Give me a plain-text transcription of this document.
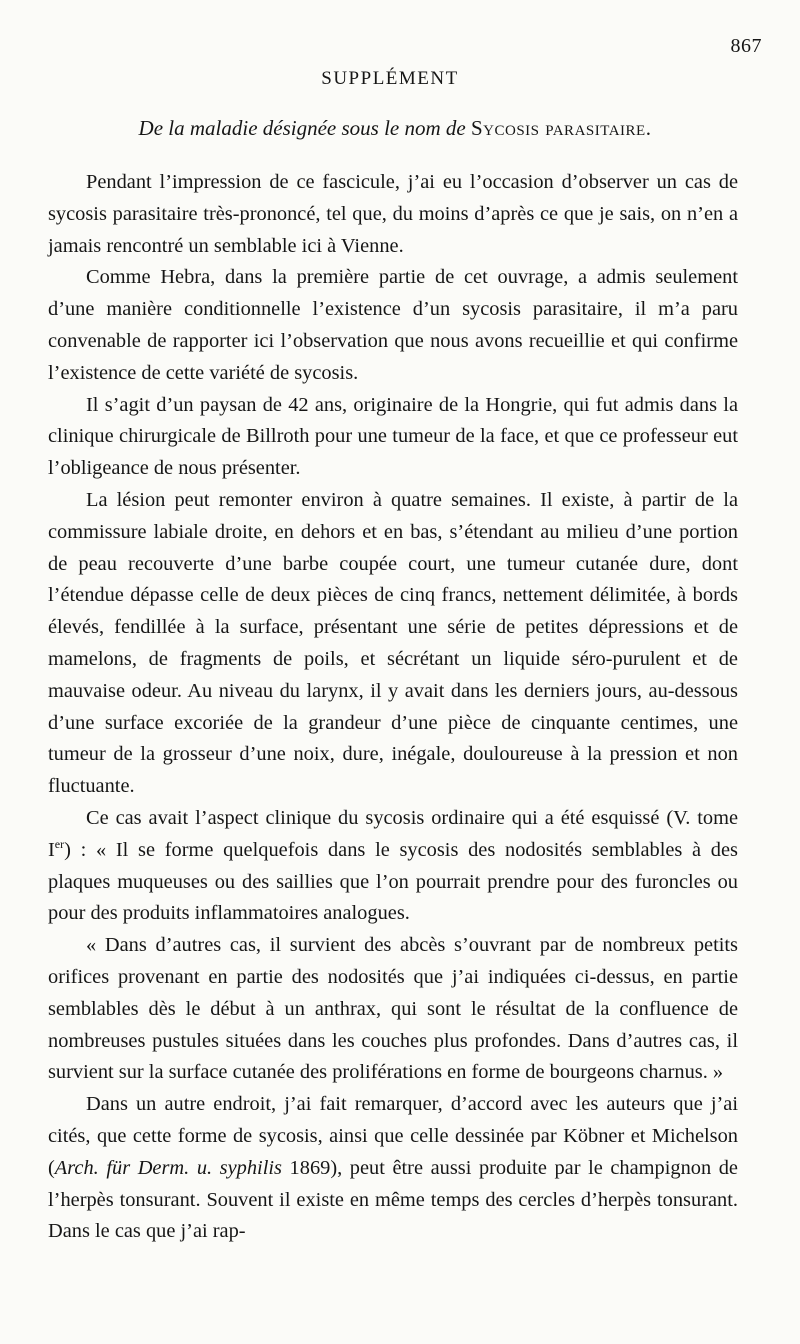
867
SUPPLÉMENT
De la maladie désignée sous le nom de Sycosis parasitaire.

Pendant l’impression de ce fascicule, j’ai eu l’occasion d’observer un cas de sycosis parasitaire très-prononcé, tel que, du moins d’après ce que je sais, on n’en a jamais rencontré un semblable ici à Vienne.

Comme Hebra, dans la première partie de cet ouvrage, a admis seulement d’une manière conditionnelle l’existence d’un sycosis parasitaire, il m’a paru convenable de rapporter ici l’observation que nous avons recueillie et qui confirme l’existence de cette variété de sycosis.

Il s’agit d’un paysan de 42 ans, originaire de la Hongrie, qui fut admis dans la clinique chirurgicale de Billroth pour une tumeur de la face, et que ce professeur eut l’obligeance de nous présenter.

La lésion peut remonter environ à quatre semaines. Il existe, à partir de la commissure labiale droite, en dehors et en bas, s’étendant au milieu d’une portion de peau recouverte d’une barbe coupée court, une tumeur cutanée dure, dont l’étendue dépasse celle de deux pièces de cinq francs, nettement délimitée, à bords élevés, fendillée à la surface, présentant une série de petites dépressions et de mamelons, de fragments de poils, et sécrétant un liquide séro-purulent et de mauvaise odeur. Au niveau du larynx, il y avait dans les derniers jours, au-dessous d’une surface excoriée de la grandeur d’une pièce de cinquante centimes, une tumeur de la grosseur d’une noix, dure, inégale, douloureuse à la pression et non fluctuante.

Ce cas avait l’aspect clinique du sycosis ordinaire qui a été esquissé (V. tome Ier) : « Il se forme quelquefois dans le sycosis des nodosités semblables à des plaques muqueuses ou des saillies que l’on pourrait prendre pour des furoncles ou pour des produits inflammatoires analogues.

« Dans d’autres cas, il survient des abcès s’ouvrant par de nombreux petits orifices provenant en partie des nodosités que j’ai indiquées ci-dessus, en partie semblables dès le début à un anthrax, qui sont le résultat de la confluence de nombreuses pustules situées dans les couches plus profondes. Dans d’autres cas, il survient sur la surface cutanée des proliférations en forme de bourgeons charnus. »

Dans un autre endroit, j’ai fait remarquer, d’accord avec les auteurs que j’ai cités, que cette forme de sycosis, ainsi que celle dessinée par Köbner et Michelson (Arch. für Derm. u. syphilis 1869), peut être aussi produite par le champignon de l’herpès tonsurant. Souvent il existe en même temps des cercles d’herpès tonsurant. Dans le cas que j’ai rap-
